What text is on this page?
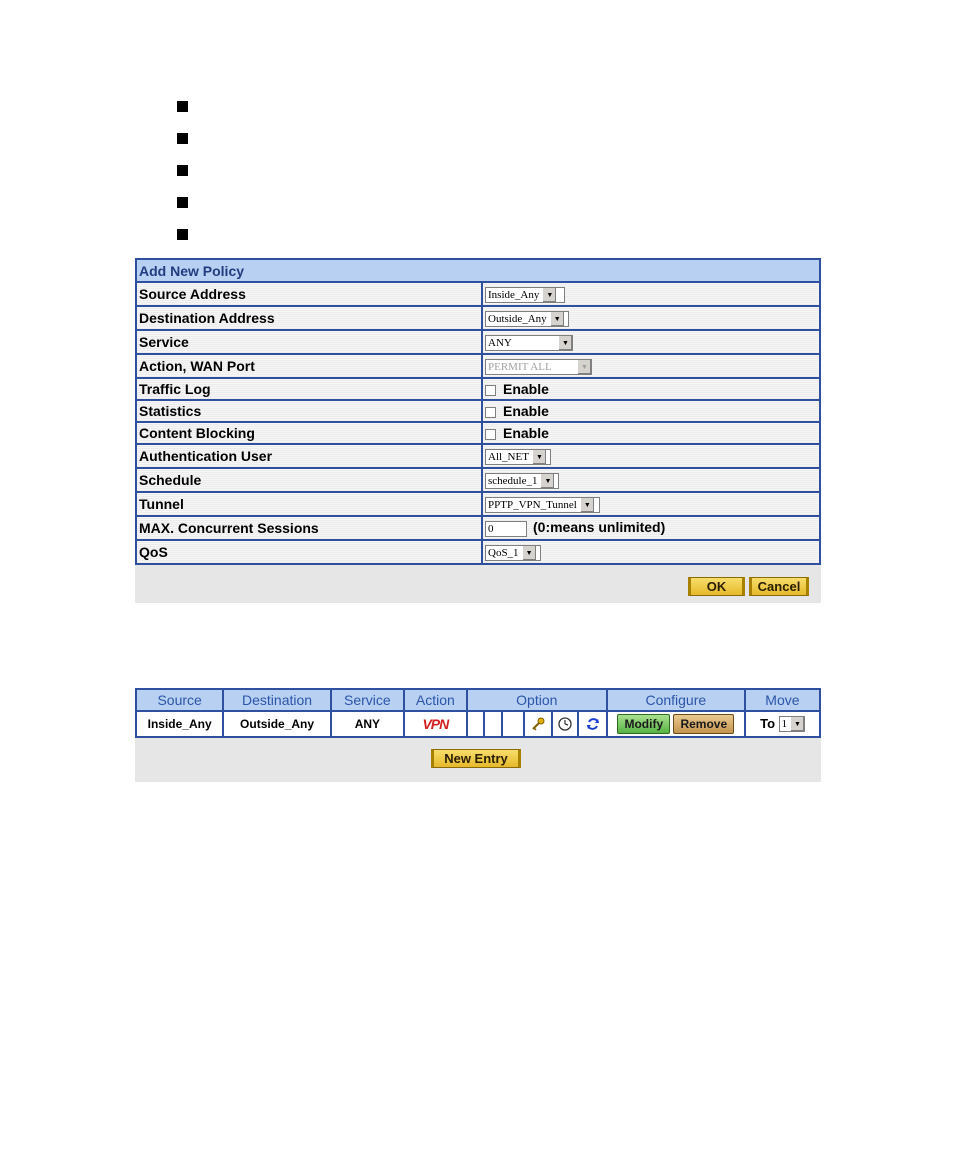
Add New Policy	
Source Address	Inside_Any ▼

Destination Address	Outside_Any ▼

Service	ANY ▼

Action, WAN Port	PERMIT ALL ▼

Traffic Log	Enable
Statistics	Enable
Content Blocking	Enable
Authentication User	All_NET ▼

Schedule	schedule_1 ▼

Tunnel	PPTP_VPN_Tunnel ▼

MAX. Concurrent Sessions	0 (0:means unlimited)
QoS	QoS_1 ▼
OK	Cancel
Source	Destination	Service	Action	Option						Configure	Move
Inside_Any	Outside_Any	ANY	VPN							Modify Remove	To 1 ▼
New Entry
